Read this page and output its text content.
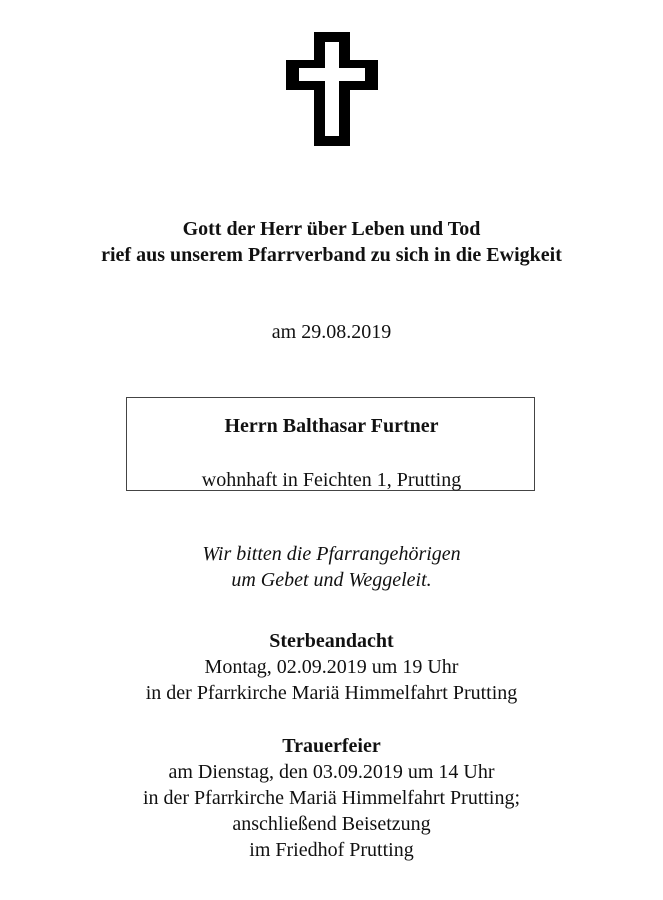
Gott der Herr über Leben und Tod
rief aus unserem Pfarrverband zu sich in die Ewigkeit
am 29.08.2019
Herrn Balthasar Furtner
wohnhaft in Feichten 1, Prutting
Wir bitten die Pfarrangehörigen
um Gebet und Weggeleit.
Sterbeandacht
Montag, 02.09.2019 um 19 Uhr
in der Pfarrkirche Mariä Himmelfahrt Prutting
Trauerfeier
am Dienstag, den 03.09.2019 um 14 Uhr
in der Pfarrkirche Mariä Himmelfahrt Prutting;
anschließend Beisetzung
im Friedhof Prutting
